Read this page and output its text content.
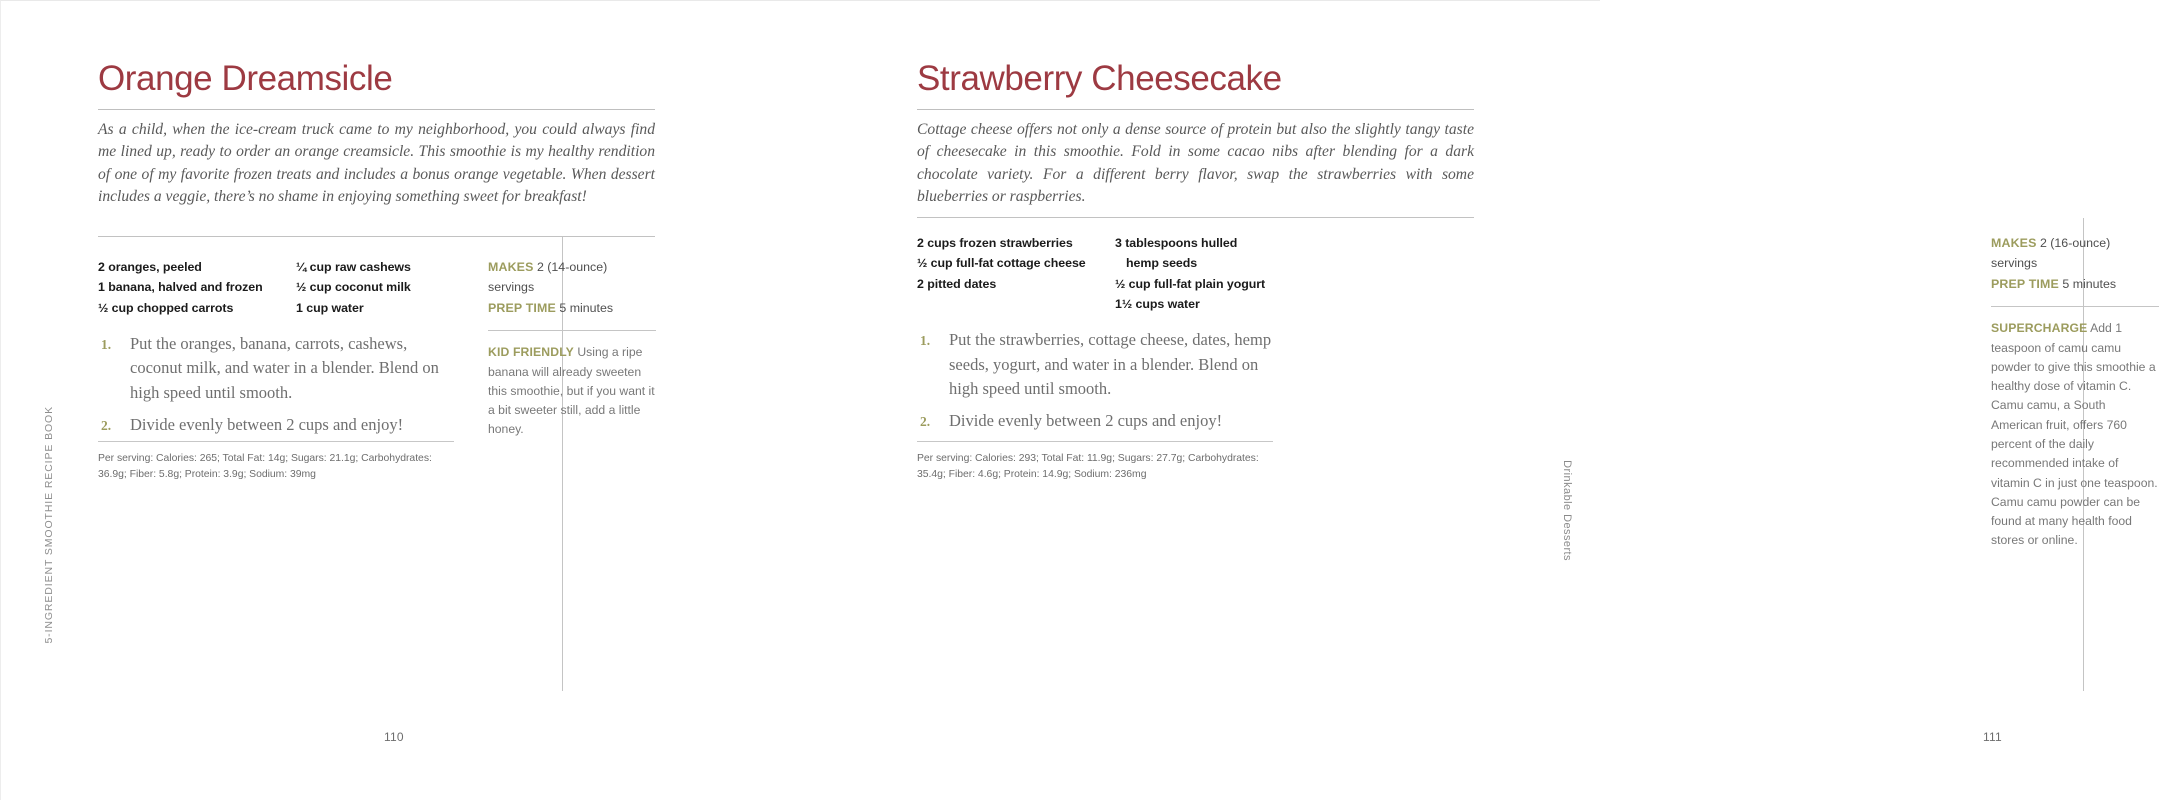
5-INGREDIENT SMOOTHIE RECIPE BOOK
Orange Dreamsicle

As a child, when the ice-cream truck came to my neighborhood, you could always find me lined up, ready to order an orange creamsicle. This smoothie is my healthy rendition of one of my favorite frozen treats and includes a bonus orange vegetable. When dessert includes a veggie, there’s no shame in enjoying something sweet for breakfast!

2 oranges, peeled
1 banana, halved and frozen
½ cup chopped carrots
¼ cup raw cashews
½ cup coconut milk
1 cup water
1. Put the oranges, banana, carrots, cashews, coconut milk, and water in a blender. Blend on high speed until smooth.
2. Divide evenly between 2 cups and enjoy!

Per serving: Calories: 265; Total Fat: 14g; Sugars: 21.1g; Carbohydrates: 36.9g; Fiber: 5.8g; Protein: 3.9g; Sodium: 39mg

MAKES 2 (14-ounce) servings
PREP TIME 5 minutes
KID FRIENDLY Using a ripe banana will already sweeten this smoothie, but if you want it a bit sweeter still, add a little honey.
110
Drinkable Desserts
Strawberry Cheesecake

Cottage cheese offers not only a dense source of protein but also the slightly tangy taste of cheesecake in this smoothie. Fold in some cacao nibs after blending for a dark chocolate variety. For a different berry flavor, swap the strawberries with some blueberries or raspberries.

2 cups frozen strawberries
½ cup full-fat cottage cheese
2 pitted dates
3 tablespoons hulled
hemp seeds
½ cup full-fat plain yogurt
1½ cups water
1. Put the strawberries, cottage cheese, dates, hemp seeds, yogurt, and water in a blender. Blend on high speed until smooth.
2. Divide evenly between 2 cups and enjoy!

Per serving: Calories: 293; Total Fat: 11.9g; Sugars: 27.7g; Carbohydrates: 35.4g; Fiber: 4.6g; Protein: 14.9g; Sodium: 236mg

MAKES 2 (16-ounce) servings
PREP TIME 5 minutes
SUPERCHARGE Add 1 teaspoon of camu camu powder to give this smoothie a healthy dose of vitamin C. Camu camu, a South American fruit, offers 760 percent of the daily recommended intake of vitamin C in just one teaspoon. Camu camu powder can be found at many health food stores or online.
111
